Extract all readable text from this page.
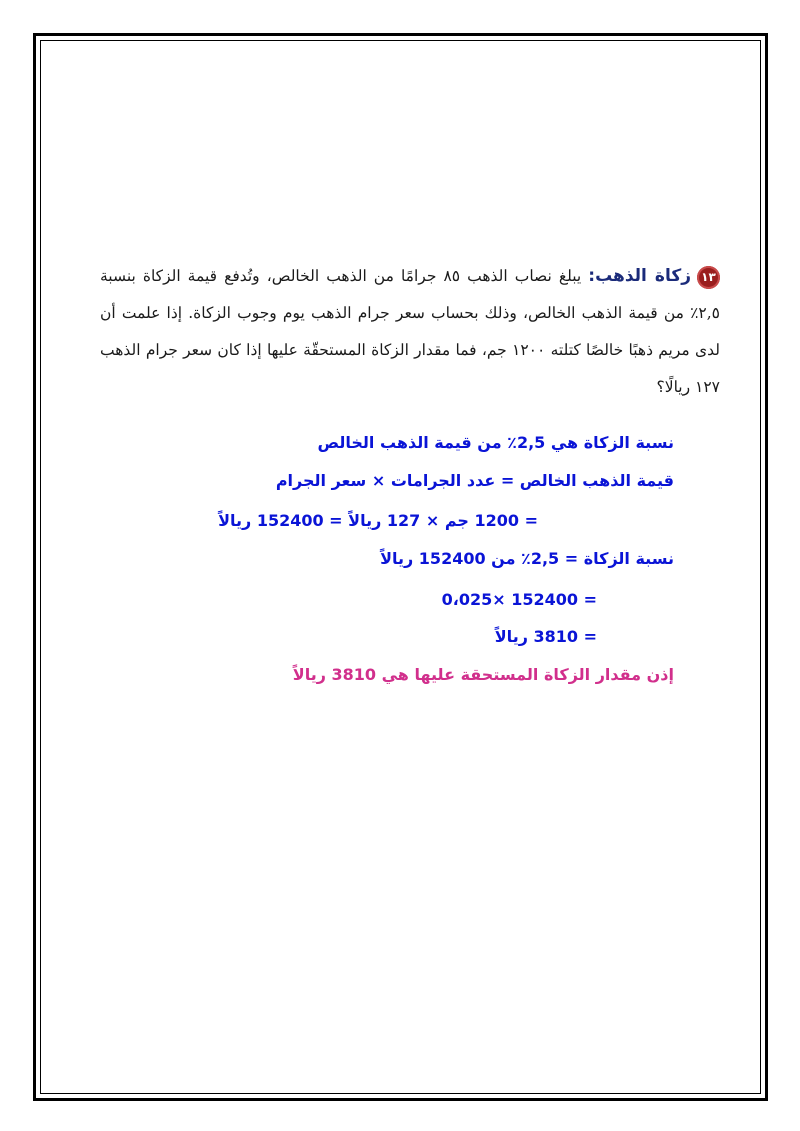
١٣زكاة الذهب: يبلغ نصاب الذهب ٨٥ جرامًا من الذهب الخالص، وتُدفع قيمة الزكاة بنسبة ٢,٥٪ من قيمة الذهب الخالص، وذلك بحساب سعر جرام الذهب يوم وجوب الزكاة. إذا علمت أن لدى مريم ذهبًا خالصًا كتلته ١٢٠٠ جم، فما مقدار الزكاة المستحقّة عليها إذا كان سعر جرام الذهب ١٢٧ ريالًا؟
نسبة الزكاة هي 2,5٪ من قيمة الذهب الخالص
قيمة الذهب الخالص = عدد الجرامات × سعر الجرام
= 1200 جم × 127 ريالاً = 152400 ريالاً
نسبة الزكاة = 2,5٪ من 152400 ريالاً
= 152400 ×0،025
= 3810 ريالاً
إذن مقدار الزكاة المستحقة عليها هي 3810 ريالاً
